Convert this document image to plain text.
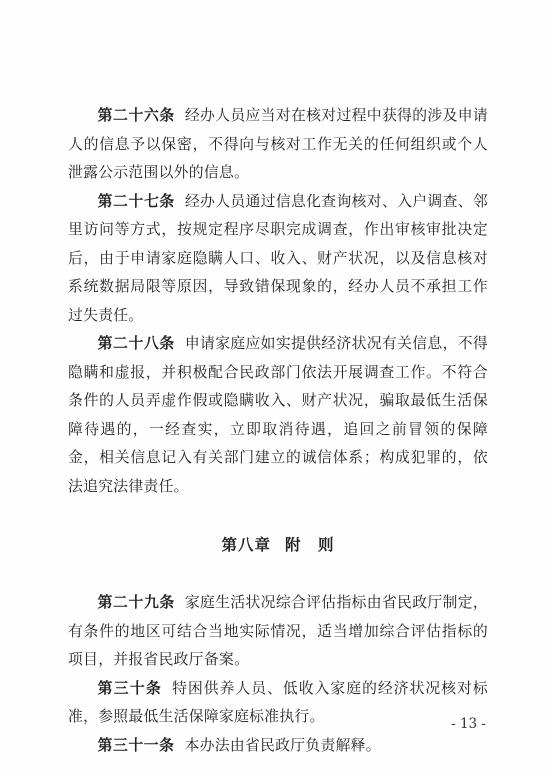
第二十六条 经办人员应当对在核对过程中获得的涉及申请人的信息予以保密，不得向与核对工作无关的任何组织或个人泄露公示范围以外的信息。

第二十七条 经办人员通过信息化查询核对、入户调查、邻里访问等方式，按规定程序尽职完成调查，作出审核审批决定后，由于申请家庭隐瞒人口、收入、财产状况，以及信息核对系统数据局限等原因，导致错保现象的，经办人员不承担工作过失责任。

第二十八条 申请家庭应如实提供经济状况有关信息，不得隐瞒和虚报，并积极配合民政部门依法开展调查工作。不符合条件的人员弄虚作假或隐瞒收入、财产状况，骗取最低生活保障待遇的，一经查实，立即取消待遇，追回之前冒领的保障金，相关信息记入有关部门建立的诚信体系；构成犯罪的，依法追究法律责任。

第八章 附　则

第二十九条 家庭生活状况综合评估指标由省民政厅制定，有条件的地区可结合当地实际情况，适当增加综合评估指标的项目，并报省民政厅备案。

第三十条 特困供养人员、低收入家庭的经济状况核对标准，参照最低生活保障家庭标准执行。

第三十一条 本办法由省民政厅负责解释。

- 13 -
